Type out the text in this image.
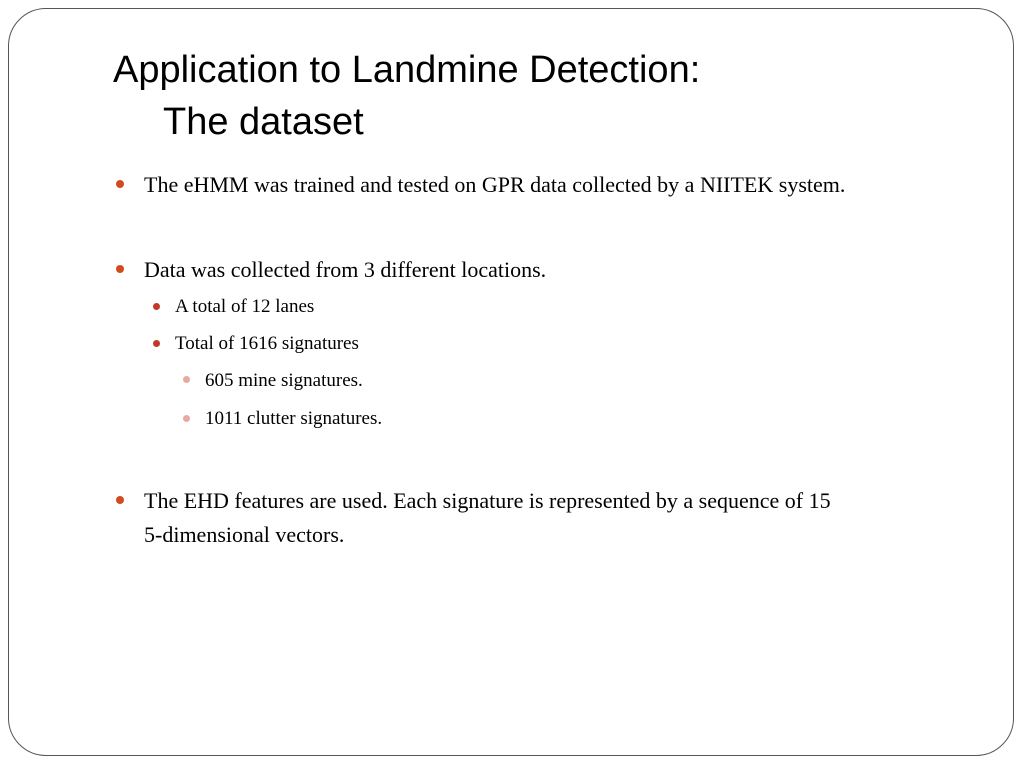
Application to Landmine Detection:
The dataset
The eHMM was trained and tested on GPR data collected by a NIITEK system.
Data was collected from 3 different locations.
A total of 12 lanes
Total of 1616 signatures
605 mine signatures.
1011 clutter signatures.
The EHD features are used. Each signature is represented by a sequence of 15
5-dimensional vectors.
